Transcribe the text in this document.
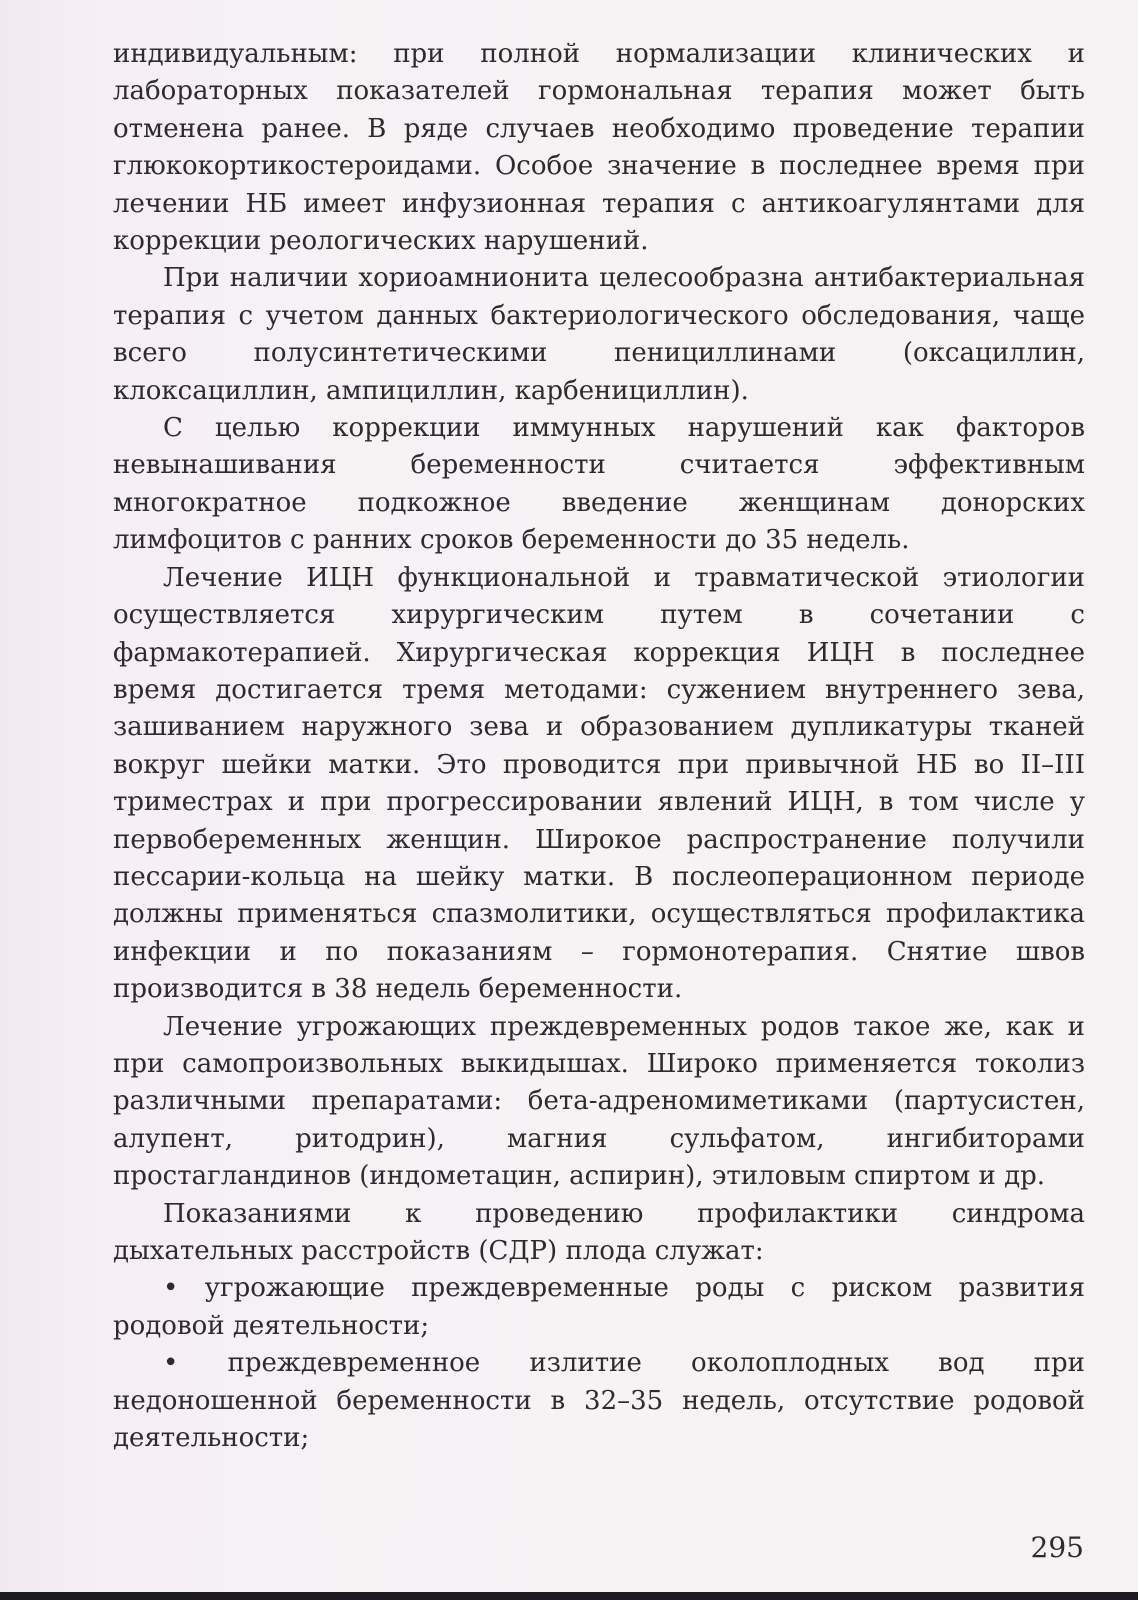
индивидуальным: при полной нормализации клинических и лабораторных показателей гормональная терапия может быть отменена ранее. В ряде случаев необходимо проведение терапии глюкокортикостероидами. Особое значение в последнее время при лечении НБ имеет инфузионная терапия с антикоагулянтами для коррекции реологических нарушений.

При наличии хориоамнионита целесообразна антибактериальная терапия с учетом данных бактериологического обследования, чаще всего полусинтетическими пенициллинами (оксациллин, клоксациллин, ампициллин, карбенициллин).

С целью коррекции иммунных нарушений как факторов невынашивания беременности считается эффективным многократное подкожное введение женщинам донорских лимфоцитов с ранних сроков беременности до 35 недель.

Лечение ИЦН функциональной и травматической этиологии осуществляется хирургическим путем в сочетании с фармакотерапией. Хирургическая коррекция ИЦН в последнее время достигается тремя методами: сужением внутреннего зева, зашиванием наружного зева и образованием дупликатуры тканей вокруг шейки матки. Это проводится при привычной НБ во II–III триместрах и при прогрессировании явлений ИЦН, в том числе у первобеременных женщин. Широкое распространение получили пессарии-кольца на шейку матки. В послеоперационном периоде должны применяться спазмолитики, осуществляться профилактика инфекции и по показаниям – гормонотерапия. Снятие швов производится в 38 недель беременности.

Лечение угрожающих преждевременных родов такое же, как и при самопроизвольных выкидышах. Широко применяется токолиз различными препаратами: бета-адреномиметиками (партусистен, алупент, ритодрин), магния сульфатом, ингибиторами простагландинов (индометацин, аспирин), этиловым спиртом и др.

Показаниями к проведению профилактики синдрома дыхательных расстройств (СДР) плода служат:

• угрожающие преждевременные роды с риском развития родовой деятельности;

• преждевременное излитие околоплодных вод при недоношенной беременности в 32–35 недель, отсутствие родовой деятельности;

295
